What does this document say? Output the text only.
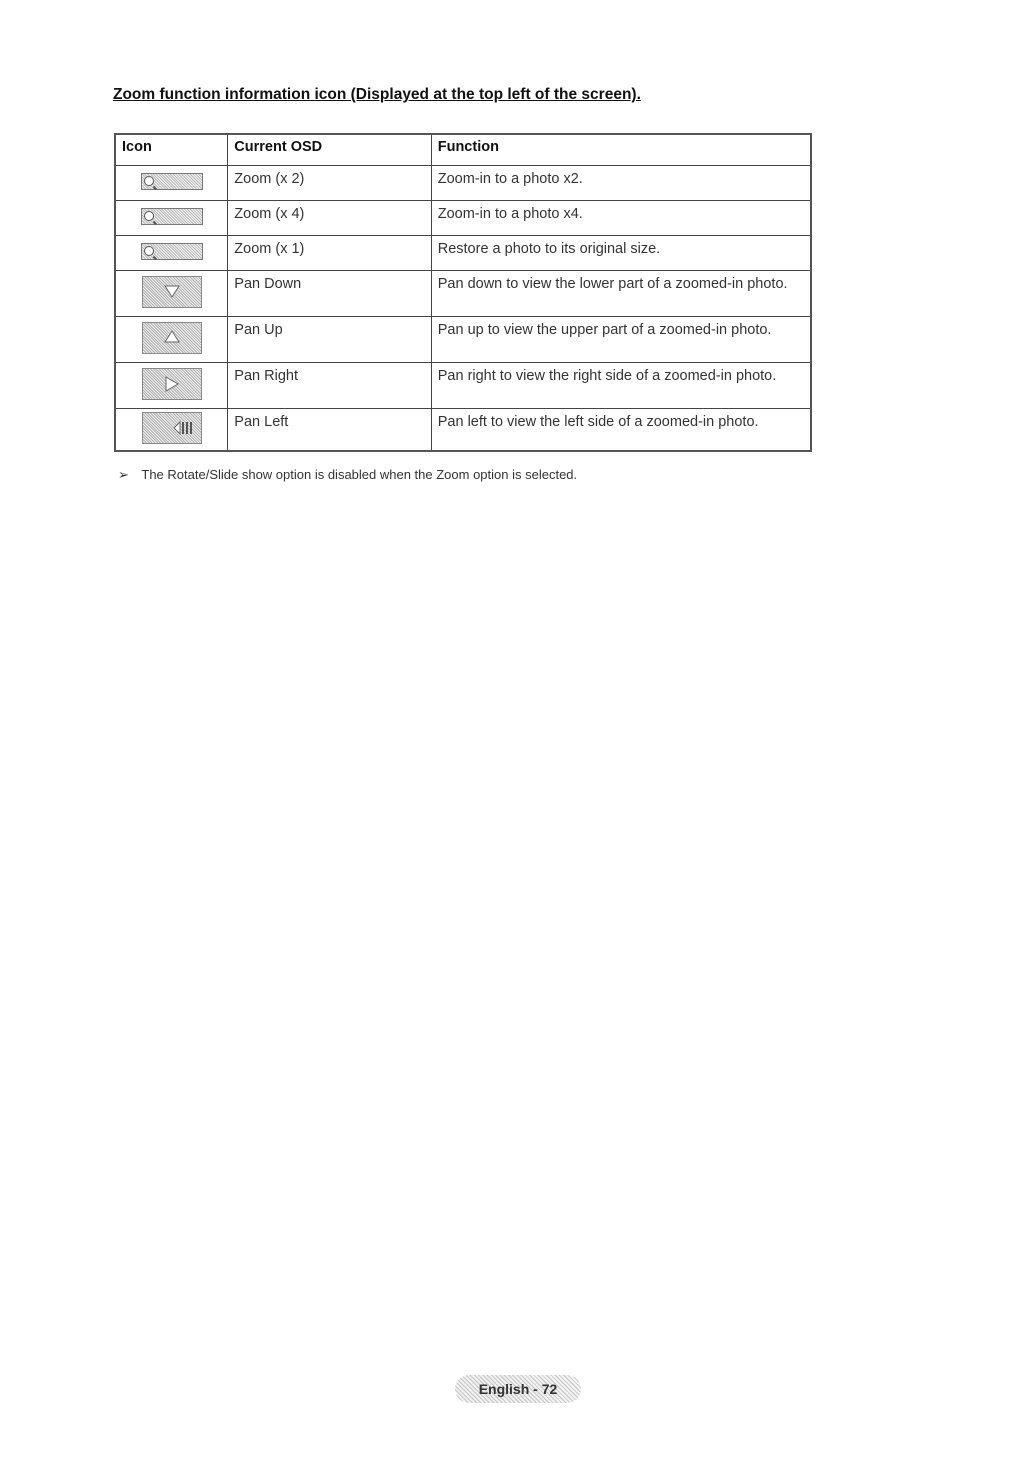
Zoom function information icon (Displayed at the top left of the screen).
Icon	Current OSD	Function

	Zoom (x 2)	Zoom-in to a photo x2.

	Zoom (x 4)	Zoom-in to a photo x4.

	Zoom (x 1)	Restore a photo to its original size.

	Pan Down	Pan down to view the lower part of a zoomed-in photo.

	Pan Up	Pan up to view the upper part of a zoomed-in photo.

	Pan Right	Pan right to view the right side of a zoomed-in photo.

	Pan Left	Pan left to view the left side of a zoomed-in photo.
➢ The Rotate/Slide show option is disabled when the Zoom option is selected.
English - 72
